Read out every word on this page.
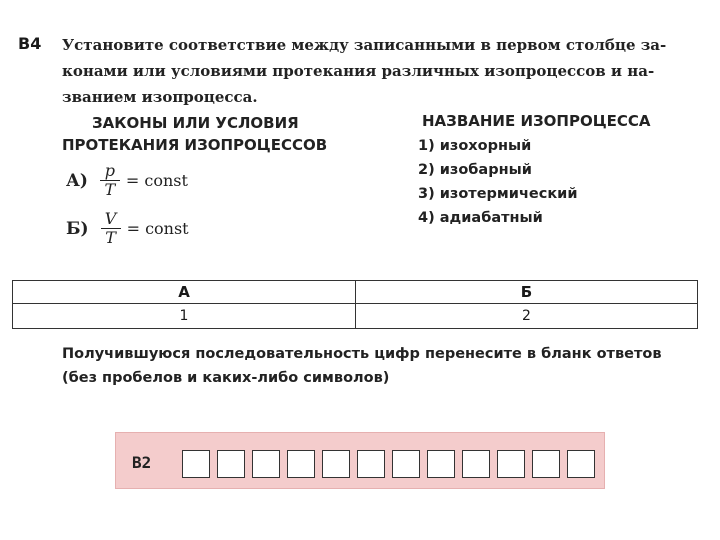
B4 Установите соответствие между записанными в первом столбце за-
конами или условиями протекания различных изопроцессов и на-
званием изопроцесса.
ЗАКОНЫ ИЛИ УСЛОВИЯ
ПРОТЕКАНИЯ ИЗОПРОЦЕССОВ
НАЗВАНИЕ ИЗОПРОЦЕССА
1) изохорный
2) изобарный
3) изотермический
4) адиабатный
$А) \frac{p}{T}$ = const
$Б) \frac{V}{T}$ = const
А	Б
1	2
Получившуюся последовательность цифр перенесите в бланк ответов
(без пробелов и каких-либо символов)
B2
